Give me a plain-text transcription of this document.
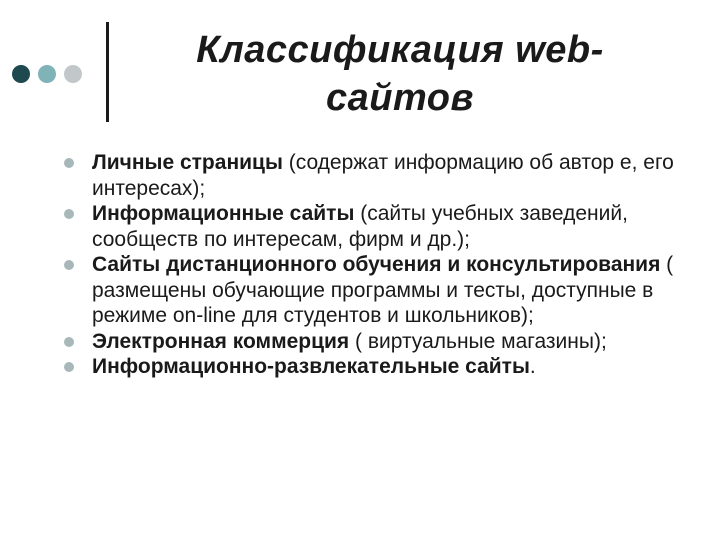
Классификация web-
сайтов
Личные страницы (содержат информацию об автор е, его интересах);
Информационные сайты (сайты учебных заведений, сообществ по интересам, фирм и др.);
Сайты дистанционного обучения и консультирования ( размещены обучающие программы и тесты, доступные в режиме on-line для студентов и школьников);
Электронная коммерция ( виртуальные магазины);
Информационно-развлекательные сайты.
